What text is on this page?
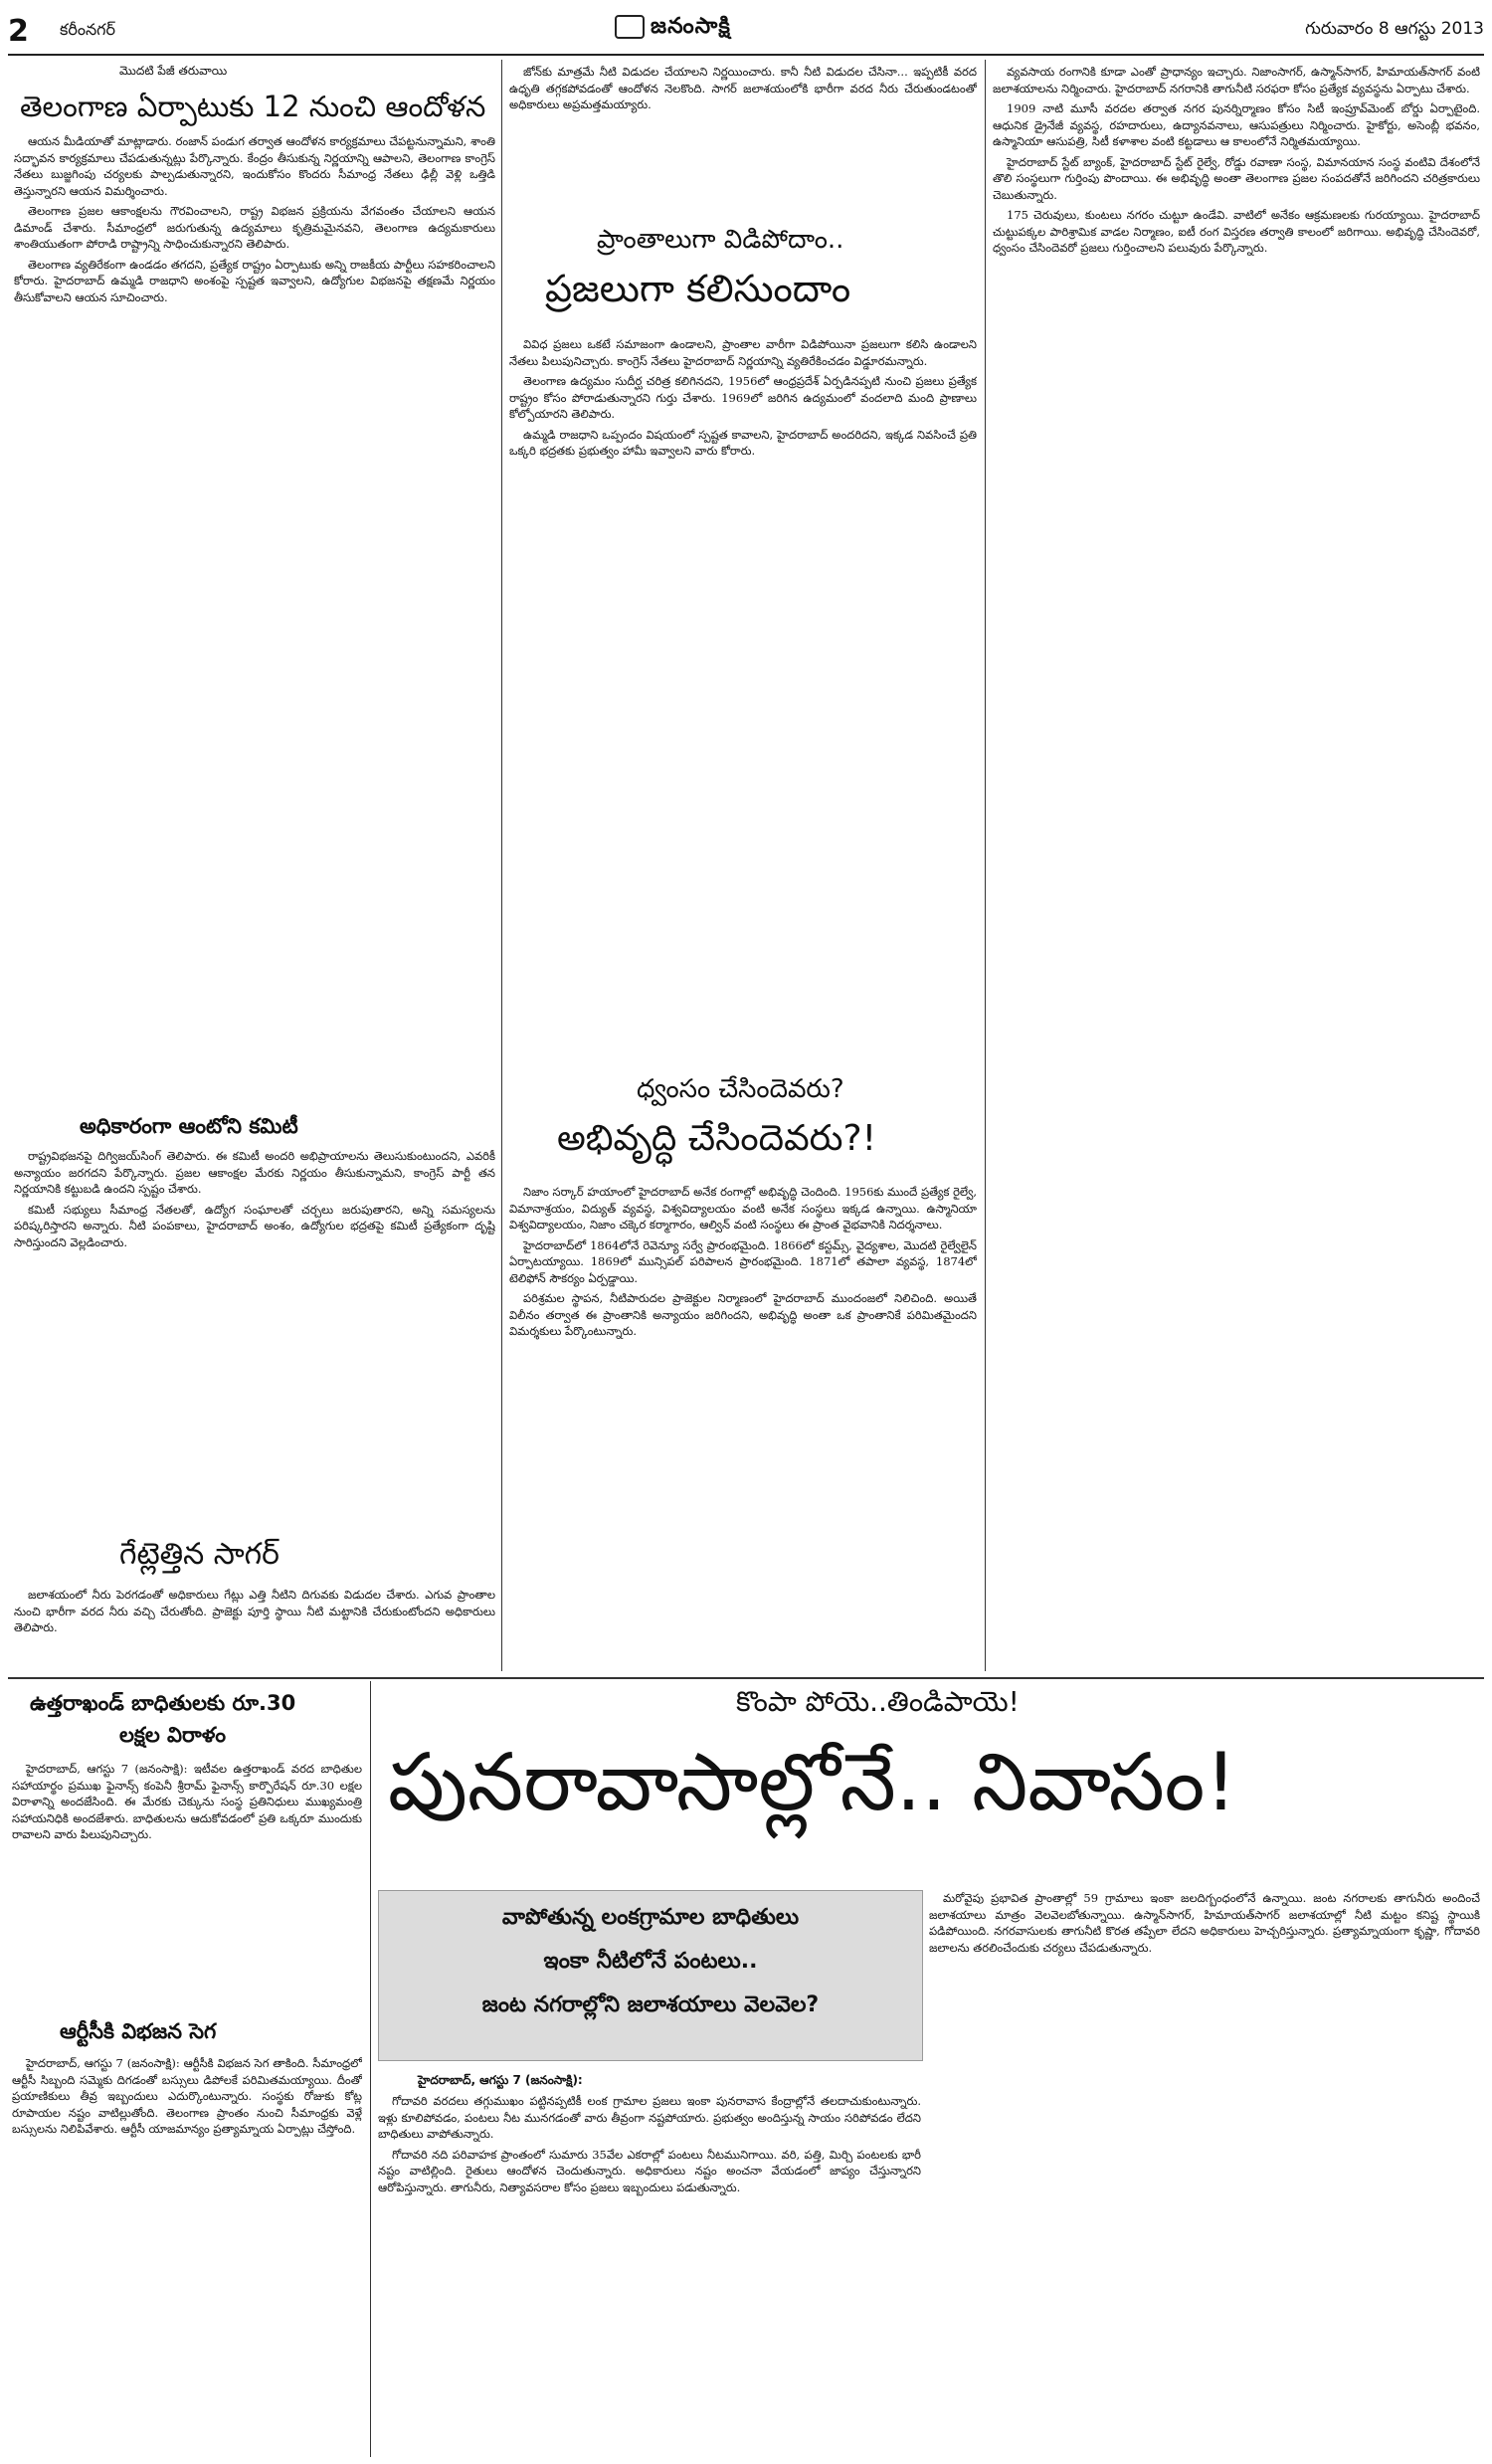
2	కరీంనగర్	జనంసాక్షి	గురువారం 8 ఆగస్టు 2013
మొదటి పేజీ తరువాయి
తెలంగాణ ఏర్పాటుకు 12 నుంచి ఆందోళన

ఆయన మీడియాతో మాట్లాడారు. రంజాన్ పండుగ తర్వాత ఆందోళన కార్యక్రమాలు చేపట్టనున్నామని, శాంతి సద్భావన కార్యక్రమాలు చేపడుతున్నట్లు పేర్కొన్నారు. కేంద్రం తీసుకున్న నిర్ణయాన్ని ఆపాలని, తెలంగాణ కాంగ్రెస్ నేతలు బుజ్జగింపు చర్యలకు పాల్పడుతున్నారని, ఇందుకోసం కొందరు సీమాంధ్ర నేతలు ఢిల్లీ వెళ్లి ఒత్తిడి తెస్తున్నారని ఆయన విమర్శించారు.

తెలంగాణ ప్రజల ఆకాంక్షలను గౌరవించాలని, రాష్ట్ర విభజన ప్రక్రియను వేగవంతం చేయాలని ఆయన డిమాండ్ చేశారు. సీమాంధ్రలో జరుగుతున్న ఉద్యమాలు కృత్రిమమైనవని, తెలంగాణ ఉద్యమకారులు శాంతియుతంగా పోరాడి రాష్ట్రాన్ని సాధించుకున్నారని తెలిపారు.

తెలంగాణ వ్యతిరేకంగా ఉండడం తగదని, ప్రత్యేక రాష్ట్రం ఏర్పాటుకు అన్ని రాజకీయ పార్టీలు సహకరించాలని కోరారు. హైదరాబాద్ ఉమ్మడి రాజధాని అంశంపై స్పష్టత ఇవ్వాలని, ఉద్యోగుల విభజనపై తక్షణమే నిర్ణయం తీసుకోవాలని ఆయన సూచించారు.

అధికారంగా ఆంటోని కమిటీ

రాష్ట్రవిభజనపై దిగ్విజయ్‌సింగ్ తెలిపారు. ఈ కమిటీ అందరి అభిప్రాయాలను తెలుసుకుంటుందని, ఎవరికీ అన్యాయం జరగదని పేర్కొన్నారు. ప్రజల ఆకాంక్షల మేరకు నిర్ణయం తీసుకున్నామని, కాంగ్రెస్ పార్టీ తన నిర్ణయానికి కట్టుబడి ఉందని స్పష్టం చేశారు.

కమిటీ సభ్యులు సీమాంధ్ర నేతలతో, ఉద్యోగ సంఘాలతో చర్చలు జరుపుతారని, అన్ని సమస్యలను పరిష్కరిస్తారని అన్నారు. నీటి పంపకాలు, హైదరాబాద్ అంశం, ఉద్యోగుల భద్రతపై కమిటీ ప్రత్యేకంగా దృష్టి సారిస్తుందని వెల్లడించారు.

గేట్లెత్తిన సాగర్

జలాశయంలో నీరు పెరగడంతో అధికారులు గేట్లు ఎత్తి నీటిని దిగువకు విడుదల చేశారు. ఎగువ ప్రాంతాల నుంచి భారీగా వరద నీరు వచ్చి చేరుతోంది. ప్రాజెక్టు పూర్తి స్థాయి నీటి మట్టానికి చేరుకుంటోందని అధికారులు తెలిపారు.

జోన్‌కు మాత్రమే నీటి విడుదల చేయాలని నిర్ణయించారు. కానీ నీటి విడుదల చేసినా... ఇప్పటికీ వరద ఉధృతి తగ్గకపోవడంతో ఆందోళన నెలకొంది. సాగర్ జలాశయంలోకి భారీగా వరద నీరు చేరుతుండటంతో అధికారులు అప్రమత్తమయ్యారు.

ప్రాంతాలుగా విడిపోదాం..
ప్రజలుగా కలిసుందాం

వివిధ ప్రజలు ఒకటే సమాజంగా ఉండాలని, ప్రాంతాల వారీగా విడిపోయినా ప్రజలుగా కలిసి ఉండాలని నేతలు పిలుపునిచ్చారు. కాంగ్రెస్ నేతలు హైదరాబాద్ నిర్ణయాన్ని వ్యతిరేకించడం విడ్డూరమన్నారు.

తెలంగాణ ఉద్యమం సుదీర్ఘ చరిత్ర కలిగినదని, 1956లో ఆంధ్రప్రదేశ్ ఏర్పడినప్పటి నుంచి ప్రజలు ప్రత్యేక రాష్ట్రం కోసం పోరాడుతున్నారని గుర్తు చేశారు. 1969లో జరిగిన ఉద్యమంలో వందలాది మంది ప్రాణాలు కోల్పోయారని తెలిపారు.

ఉమ్మడి రాజధాని ఒప్పందం విషయంలో స్పష్టత కావాలని, హైదరాబాద్ అందరిదని, ఇక్కడ నివసించే ప్రతి ఒక్కరి భద్రతకు ప్రభుత్వం హామీ ఇవ్వాలని వారు కోరారు.

ధ్వంసం చేసిందెవరు?
అభివృద్ధి చేసిందెవరు?!

నిజాం సర్కార్ హయాంలో హైదరాబాద్ అనేక రంగాల్లో అభివృద్ధి చెందింది. 1956కు ముందే ప్రత్యేక రైల్వే, విమానాశ్రయం, విద్యుత్ వ్యవస్థ, విశ్వవిద్యాలయం వంటి అనేక సంస్థలు ఇక్కడ ఉన్నాయి. ఉస్మానియా విశ్వవిద్యాలయం, నిజాం చక్కెర కర్మాగారం, ఆల్విన్ వంటి సంస్థలు ఈ ప్రాంత వైభవానికి నిదర్శనాలు.

హైదరాబాద్‌లో 1864లోనే రెవెన్యూ సర్వే ప్రారంభమైంది. 1866లో కస్టమ్స్, వైద్యశాల, మొదటి రైల్వేలైన్ ఏర్పాటయ్యాయి. 1869లో మున్సిపల్ పరిపాలన ప్రారంభమైంది. 1871లో తపాలా వ్యవస్థ, 1874లో టెలిఫోన్ సౌకర్యం ఏర్పడ్డాయి.

పరిశ్రమల స్థాపన, నీటిపారుదల ప్రాజెక్టుల నిర్మాణంలో హైదరాబాద్ ముందంజలో నిలిచింది. అయితే విలీనం తర్వాత ఈ ప్రాంతానికి అన్యాయం జరిగిందని, అభివృద్ధి అంతా ఒక ప్రాంతానికే పరిమితమైందని విమర్శకులు పేర్కొంటున్నారు.

వ్యవసాయ రంగానికి కూడా ఎంతో ప్రాధాన్యం ఇచ్చారు. నిజాంసాగర్, ఉస్మాన్‌సాగర్, హిమాయత్‌సాగర్ వంటి జలాశయాలను నిర్మించారు. హైదరాబాద్ నగరానికి తాగునీటి సరఫరా కోసం ప్రత్యేక వ్యవస్థను ఏర్పాటు చేశారు.

1909 నాటి మూసీ వరదల తర్వాత నగర పునర్నిర్మాణం కోసం సిటీ ఇంప్రూవ్‌మెంట్ బోర్డు ఏర్పాటైంది. ఆధునిక డ్రైనేజీ వ్యవస్థ, రహదారులు, ఉద్యానవనాలు, ఆసుపత్రులు నిర్మించారు. హైకోర్టు, అసెంబ్లీ భవనం, ఉస్మానియా ఆసుపత్రి, సిటీ కళాశాల వంటి కట్టడాలు ఆ కాలంలోనే నిర్మితమయ్యాయి.

హైదరాబాద్ స్టేట్ బ్యాంక్, హైదరాబాద్ స్టేట్ రైల్వే, రోడ్డు రవాణా సంస్థ, విమానయాన సంస్థ వంటివి దేశంలోనే తొలి సంస్థలుగా గుర్తింపు పొందాయి. ఈ అభివృద్ధి అంతా తెలంగాణ ప్రజల సంపదతోనే జరిగిందని చరిత్రకారులు చెబుతున్నారు.

175 చెరువులు, కుంటలు నగరం చుట్టూ ఉండేవి. వాటిలో అనేకం ఆక్రమణలకు గురయ్యాయి. హైదరాబాద్ చుట్టుపక్కల పారిశ్రామిక వాడల నిర్మాణం, ఐటీ రంగ విస్తరణ తర్వాతి కాలంలో జరిగాయి. అభివృద్ధి చేసిందెవరో, ధ్వంసం చేసిందెవరో ప్రజలు గుర్తించాలని పలువురు పేర్కొన్నారు.

ఉత్తరాఖండ్ బాధితులకు రూ.30
లక్షల విరాళం

హైదరాబాద్, ఆగస్టు 7 (జనంసాక్షి): ఇటీవల ఉత్తరాఖండ్ వరద బాధితుల సహాయార్థం ప్రముఖ ఫైనాన్స్ కంపెనీ శ్రీరామ్ ఫైనాన్స్ కార్పొరేషన్ రూ.30 లక్షల విరాళాన్ని అందజేసింది. ఈ మేరకు చెక్కును సంస్థ ప్రతినిధులు ముఖ్యమంత్రి సహాయనిధికి అందజేశారు. బాధితులను ఆదుకోవడంలో ప్రతి ఒక్కరూ ముందుకు రావాలని వారు పిలుపునిచ్చారు.

ఆర్టీసీకి విభజన సెగ

హైదరాబాద్, ఆగస్టు 7 (జనంసాక్షి): ఆర్టీసీకి విభజన సెగ తాకింది. సీమాంధ్రలో ఆర్టీసీ సిబ్బంది సమ్మెకు దిగడంతో బస్సులు డిపోలకే పరిమితమయ్యాయి. దీంతో ప్రయాణికులు తీవ్ర ఇబ్బందులు ఎదుర్కొంటున్నారు. సంస్థకు రోజుకు కోట్ల రూపాయల నష్టం వాటిల్లుతోంది. తెలంగాణ ప్రాంతం నుంచి సీమాంధ్రకు వెళ్లే బస్సులను నిలిపివేశారు. ఆర్టీసీ యాజమాన్యం ప్రత్యామ్నాయ ఏర్పాట్లు చేస్తోంది.

కొంపా పోయె..తిండిపాయె!
పునరావాసాల్లోనే.. నివాసం!
వాపోతున్న లంకగ్రామాల బాధితులు
ఇంకా నీటిలోనే పంటలు..
జంట నగరాల్లోని జలాశయాలు వెలవెల?
హైదరాబాద్, ఆగస్టు 7 (జనంసాక్షి):

గోదావరి వరదలు తగ్గుముఖం పట్టినప్పటికీ లంక గ్రామాల ప్రజలు ఇంకా పునరావాస కేంద్రాల్లోనే తలదాచుకుంటున్నారు. ఇళ్లు కూలిపోవడం, పంటలు నీట మునగడంతో వారు తీవ్రంగా నష్టపోయారు. ప్రభుత్వం అందిస్తున్న సాయం సరిపోవడం లేదని బాధితులు వాపోతున్నారు.

గోదావరి నది పరివాహక ప్రాంతంలో సుమారు 35వేల ఎకరాల్లో పంటలు నీటమునిగాయి. వరి, పత్తి, మిర్చి పంటలకు భారీ నష్టం వాటిల్లింది. రైతులు ఆందోళన చెందుతున్నారు. అధికారులు నష్టం అంచనా వేయడంలో జాప్యం చేస్తున్నారని ఆరోపిస్తున్నారు. తాగునీరు, నిత్యావసరాల కోసం ప్రజలు ఇబ్బందులు పడుతున్నారు.

మరోవైపు ప్రభావిత ప్రాంతాల్లో 59 గ్రామాలు ఇంకా జలదిగ్బంధంలోనే ఉన్నాయి. జంట నగరాలకు తాగునీరు అందించే జలాశయాలు మాత్రం వెలవెలబోతున్నాయి. ఉస్మాన్‌సాగర్, హిమాయత్‌సాగర్ జలాశయాల్లో నీటి మట్టం కనిష్ట స్థాయికి పడిపోయింది. నగరవాసులకు తాగునీటి కొరత తప్పేలా లేదని అధికారులు హెచ్చరిస్తున్నారు. ప్రత్యామ్నాయంగా కృష్ణా, గోదావరి జలాలను తరలించేందుకు చర్యలు చేపడుతున్నారు.
